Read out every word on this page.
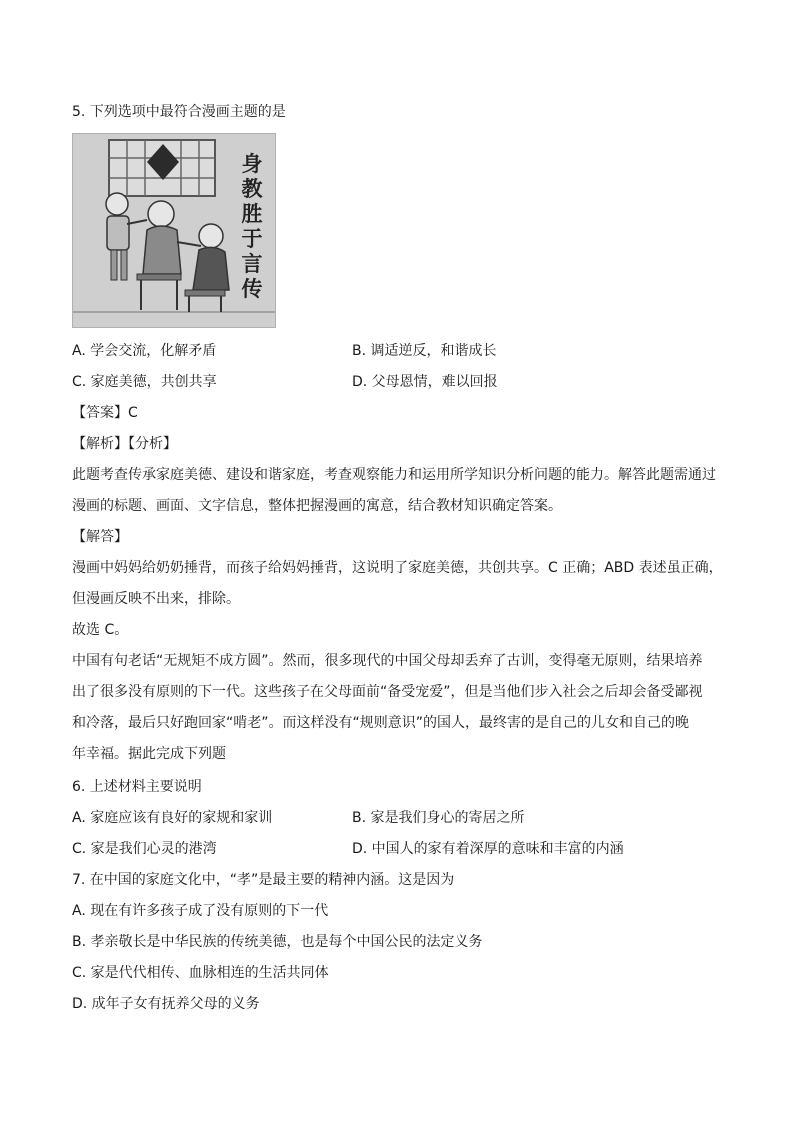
5. 下列选项中最符合漫画主题的是
身教胜于言传
A. 学会交流，化解矛盾	B. 调适逆反，和谐成长
C. 家庭美德，共创共享	D. 父母恩情，难以回报
【答案】C
【解析】【分析】
此题考查传承家庭美德、建设和谐家庭，考查观察能力和运用所学知识分析问题的能力。解答此题需通过
漫画的标题、画面、文字信息，整体把握漫画的寓意，结合教材知识确定答案。
【解答】
漫画中妈妈给奶奶捶背，而孩子给妈妈捶背，这说明了家庭美德，共创共享。C 正确；ABD 表述虽正确，
但漫画反映不出来，排除。
故选 C。
中国有句老话“无规矩不成方圆”。然而，很多现代的中国父母却丢弃了古训，变得毫无原则，结果培养
出了很多没有原则的下一代。这些孩子在父母面前“备受宠爱”，但是当他们步入社会之后却会备受鄙视
和冷落，最后只好跑回家“啃老”。而这样没有“规则意识”的国人，最终害的是自己的儿女和自己的晚
年幸福。据此完成下列题
6. 上述材料主要说明
A. 家庭应该有良好的家规和家训	B. 家是我们身心的寄居之所
C. 家是我们心灵的港湾	D. 中国人的家有着深厚的意味和丰富的内涵
7. 在中国的家庭文化中，“孝”是最主要的精神内涵。这是因为
A. 现在有许多孩子成了没有原则的下一代
B. 孝亲敬长是中华民族的传统美德，也是每个中国公民的法定义务
C. 家是代代相传、血脉相连的生活共同体
D. 成年子女有抚养父母的义务
